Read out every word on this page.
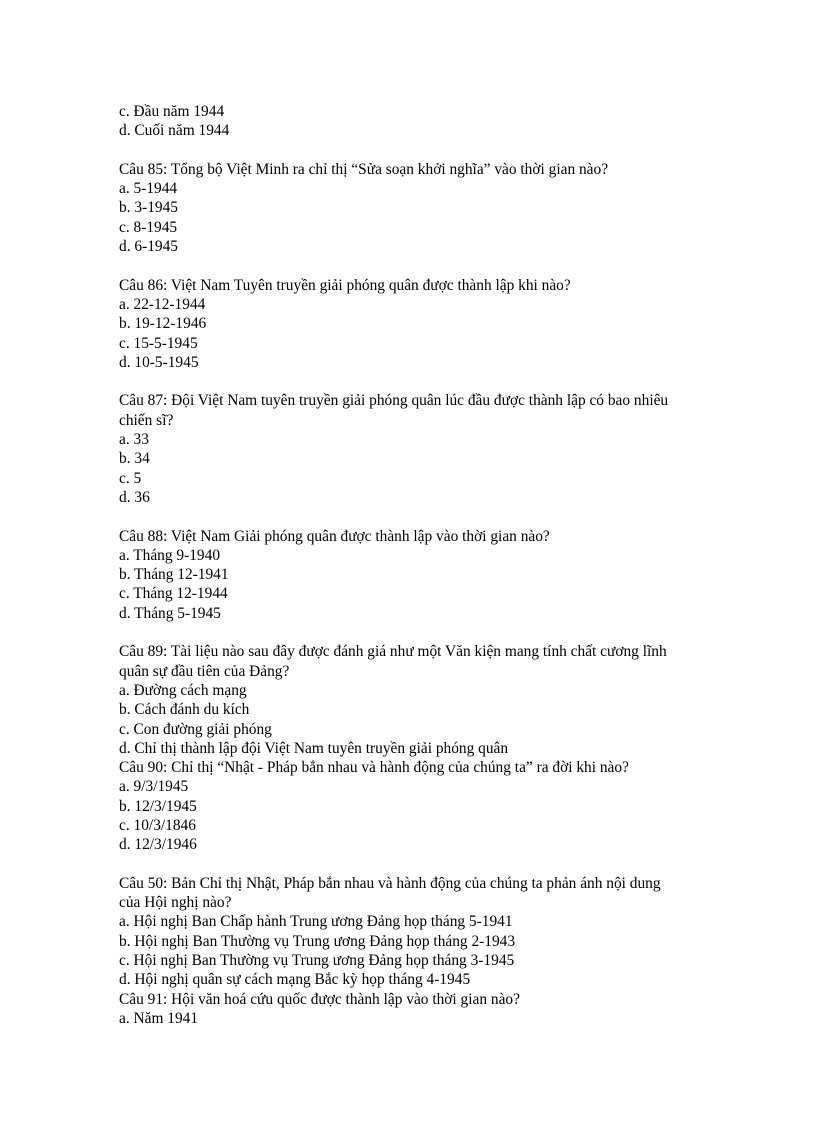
c. Đầu năm 1944
d. Cuối năm 1944
Câu 85: Tổng bộ Việt Minh ra chỉ thị “Sửa soạn khởi nghĩa” vào thời gian nào?
a. 5-1944
b. 3-1945
c. 8-1945
d. 6-1945
Câu 86: Việt Nam Tuyên truyền giải phóng quân được thành lập khi nào?
a. 22-12-1944
b. 19-12-1946
c. 15-5-1945
d. 10-5-1945
Câu 87: Đội Việt Nam tuyên truyền giải phóng quân lúc đầu được thành lập có bao nhiêu
chiến sĩ?
a. 33
b. 34
c. 5
d. 36
Câu 88: Việt Nam Giải phóng quân được thành lập vào thời gian nào?
a. Tháng 9-1940
b. Tháng 12-1941
c. Tháng 12-1944
d. Tháng 5-1945
Câu 89: Tài liệu nào sau đây được đánh giá như một Văn kiện mang tính chất cương lĩnh
quân sự đầu tiên của Đảng?
a. Đường cách mạng
b. Cách đánh du kích
c. Con đường giải phóng
d. Chỉ thị thành lập đội Việt Nam tuyên truyền giải phóng quân
Câu 90: Chỉ thị “Nhật - Pháp bắn nhau và hành động của chúng ta” ra đời khi nào?
a. 9/3/1945
b. 12/3/1945
c. 10/3/1846
d. 12/3/1946
Câu 50: Bản Chỉ thị Nhật, Pháp bắn nhau và hành động của chúng ta phản ánh nội dung
của Hội nghị nào?
a. Hội nghị Ban Chấp hành Trung ương Đảng họp tháng 5-1941
b. Hội nghị Ban Thường vụ Trung ương Đảng họp tháng 2-1943
c. Hội nghị Ban Thường vụ Trung ương Đảng họp tháng 3-1945
d. Hội nghị quân sự cách mạng Bắc kỳ họp tháng 4-1945
Câu 91: Hội văn hoá cứu quốc được thành lập vào thời gian nào?
a. Năm 1941
